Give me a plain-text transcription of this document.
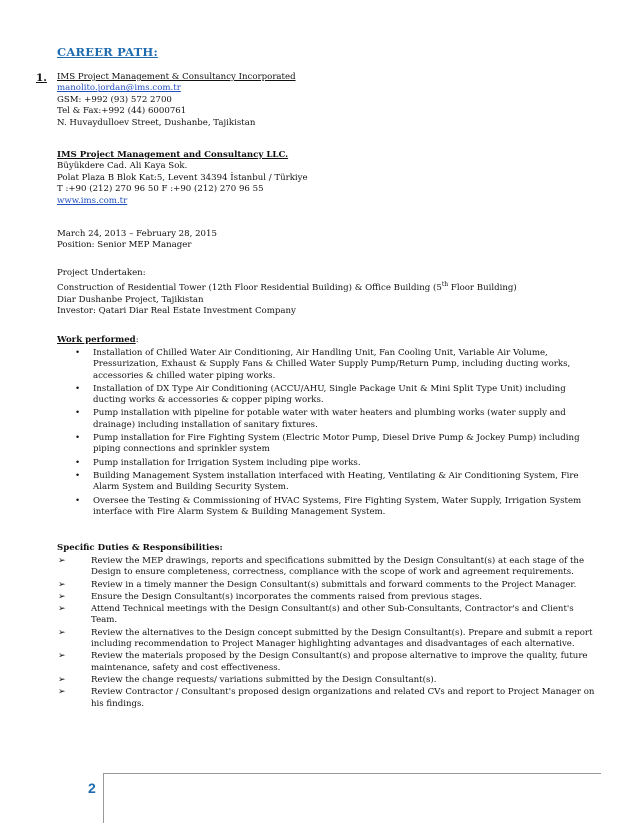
CAREER PATH:
1. IMS Project Management & Consultancy Incorporated
manolito.jordan@ims.com.tr
GSM: +992 (93) 572 2700
Tel & Fax:+992 (44) 6000761
N. Huvaydulloev Street, Dushanbe, Tajikistan
IMS Project Management and Consultancy LLC.
Büyükdere Cad. Ali Kaya Sok.
Polat Plaza B Blok Kat:5, Levent 34394 İstanbul / Türkiye
T :+90 (212) 270 96 50 F :+90 (212) 270 96 55
www.ims.com.tr
March 24, 2013 – February 28, 2015
Position: Senior MEP Manager
Project Undertaken:
Construction of Residential Tower (12th Floor Residential Building) & Office Building (5th Floor Building)
Diar Dushanbe Project, Tajikistan
Investor: Qatari Diar Real Estate Investment Company
Work performed:
•	Installation of Chilled Water Air Conditioning, Air Handling Unit, Fan Cooling Unit, Variable Air Volume, Pressurization, Exhaust & Supply Fans & Chilled Water Supply Pump/Return Pump, including ducting works, accessories & chilled water piping works.
•	Installation of DX Type Air Conditioning (ACCU/AHU, Single Package Unit & Mini Split Type Unit) including ducting works & accessories & copper piping works.
•	Pump installation with pipeline for potable water with water heaters and plumbing works (water supply and drainage) including installation of sanitary fixtures.
•	Pump installation for Fire Fighting System (Electric Motor Pump, Diesel Drive Pump & Jockey Pump) including piping connections and sprinkler system
•	Pump installation for Irrigation System including pipe works.
•	Building Management System installation interfaced with Heating, Ventilating & Air Conditioning System, Fire Alarm System and Building Security System.
•	Oversee the Testing & Commissioning of HVAC Systems, Fire Fighting System, Water Supply, Irrigation System interface with Fire Alarm System & Building Management System.
Specific Duties & Responsibilities:
➢	Review the MEP drawings, reports and specifications submitted by the Design Consultant(s) at each stage of the Design to ensure completeness, correctness, compliance with the scope of work and agreement requirements.
➢	Review in a timely manner the Design Consultant(s) submittals and forward comments to the Project Manager.
➢	Ensure the Design Consultant(s) incorporates the comments raised from previous stages.
➢	Attend Technical meetings with the Design Consultant(s) and other Sub-Consultants, Contractor's and Client's Team.
➢	Review the alternatives to the Design concept submitted by the Design Consultant(s). Prepare and submit a report including recommendation to Project Manager highlighting advantages and disadvantages of each alternative.
➢	Review the materials proposed by the Design Consultant(s) and propose alternative to improve the quality, future maintenance, safety and cost effectiveness.
➢	Review the change requests/ variations submitted by the Design Consultant(s).
➢	Review Contractor / Consultant's proposed design organizations and related CVs and report to Project Manager on his findings.
2
